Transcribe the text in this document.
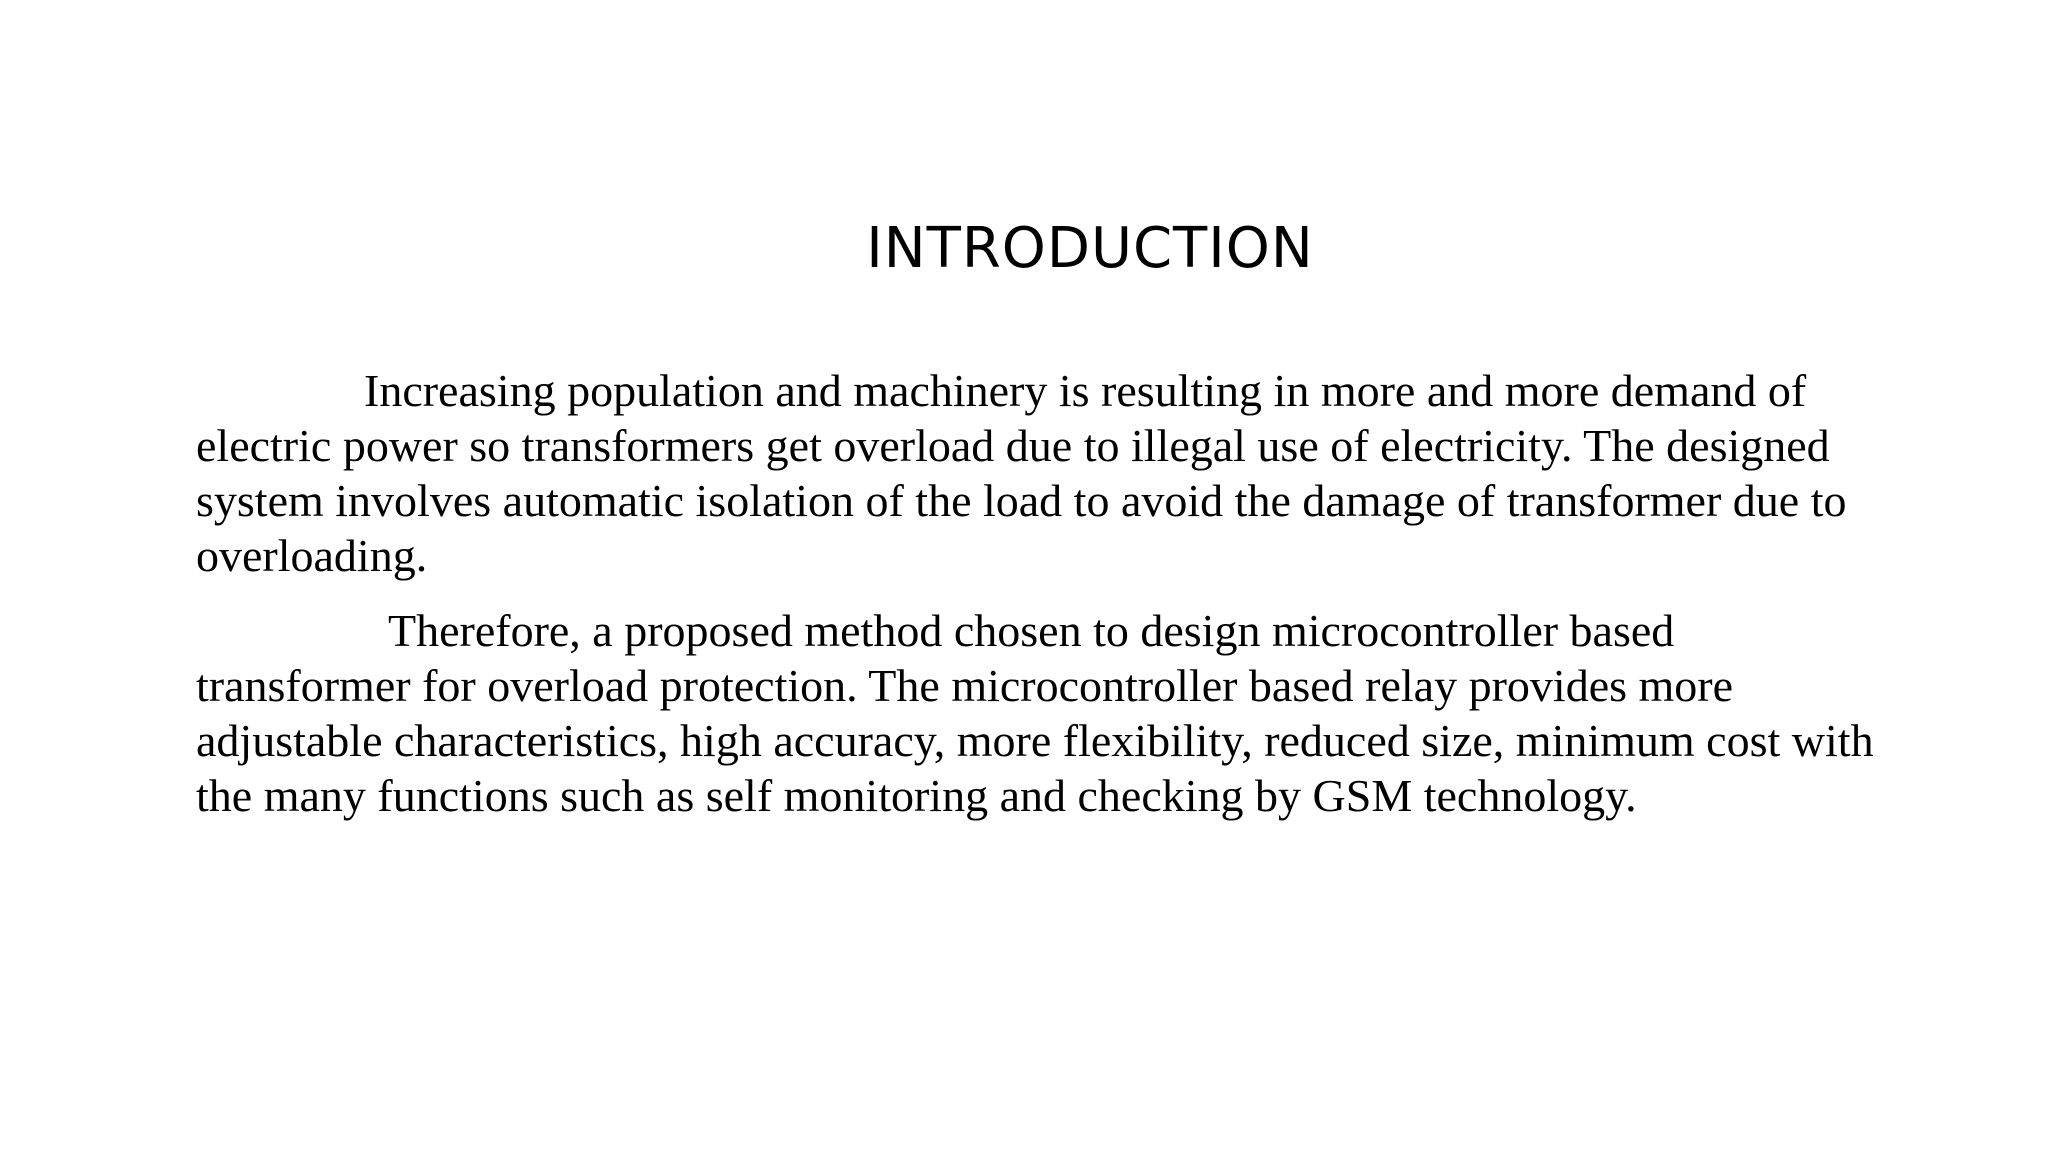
INTRODUCTION

Increasing population and machinery is resulting in more and more demand of electric power so transformers get overload due to illegal use of electricity. The designed system involves automatic isolation of the load to avoid the damage of transformer due to overloading.

Therefore, a proposed method chosen to design microcontroller based transformer for overload protection. The microcontroller based relay provides more adjustable characteristics, high accuracy, more flexibility, reduced size, minimum cost with the many functions such as self monitoring and checking by GSM technology.
